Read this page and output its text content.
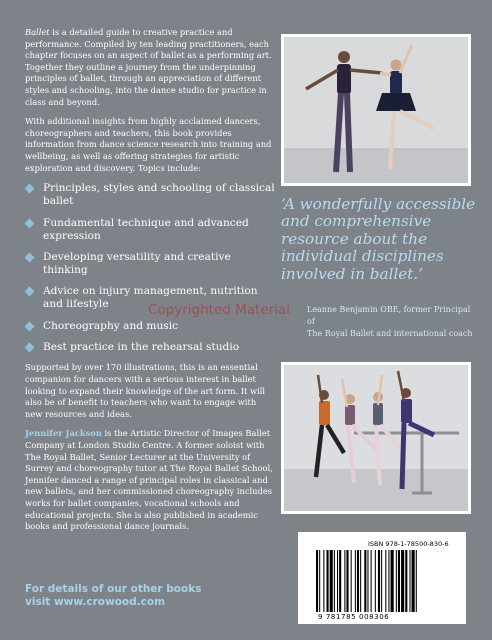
Ballet is a detailed guide to creative practice and performance. Compiled by ten leading practitioners, each chapter focuses on an aspect of ballet as a performing art. Together they outline a journey from the underpinning principles of ballet, through an appreciation of different styles and schooling, into the dance studio for practice in class and beyond.

With additional insights from highly acclaimed dancers, choreographers and teachers, this book provides information from dance science research into training and wellbeing, as well as offering strategies for artistic exploration and discovery. Topics include:

Principles, styles and schooling of classical ballet
Fundamental technique and advanced expression
Developing versatility and creative thinking
Advice on injury management, nutrition and lifestyle
Choreography and music
Best practice in the rehearsal studio

Supported by over 170 illustrations, this is an essential companion for dancers with a serious interest in ballet looking to expand their knowledge of the art form. It will also be of benefit to teachers who want to engage with new resources and ideas.

Jennifer Jackson is the Artistic Director of Images Ballet Company at London Studio Centre. A former soloist with The Royal Ballet, Senior Lecturer at the University of Surrey and choreography tutor at The Royal Ballet School, Jennifer danced a range of principal roles in classical and new ballets, and her commissioned choreography includes works for ballet companies, vocational schools and educational projects. She is also published in academic books and professional dance journals.

‘A wonderfully accessible and comprehensive resource about the individual disciplines involved in ballet.’
Leanne Benjamin OBE, former Principal of
The Royal Ballet and international coach
Copyrighted Material
For details of our other books
visit www.crowood.com
ISBN 978-1-78500-830-6
9 781785 008306
